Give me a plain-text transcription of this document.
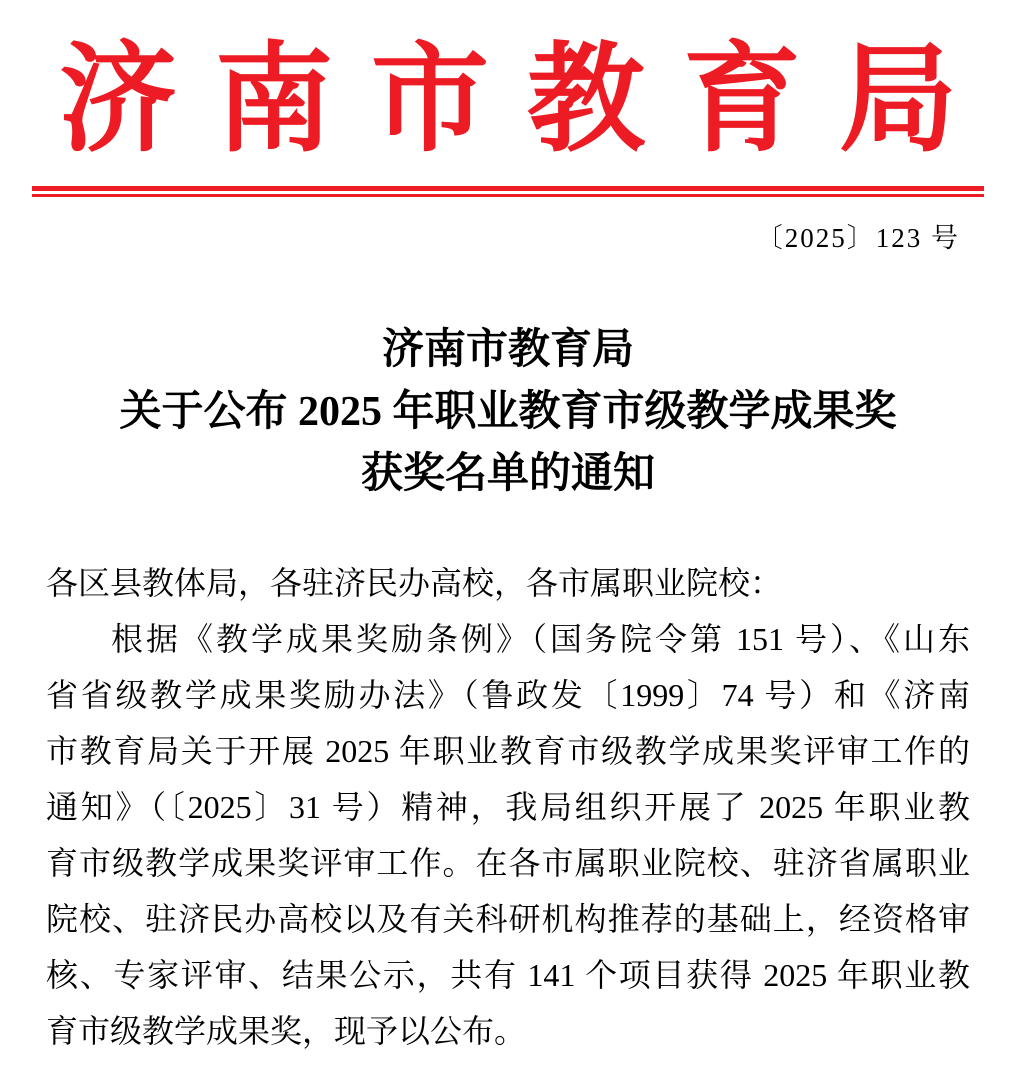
济南市教育局
〔2025〕123 号
济南市教育局
关于公布 2025 年职业教育市级教学成果奖
获奖名单的通知
各区县教体局，各驻济民办高校，各市属职业院校：
根据《教学成果奖励条例》（国务院令第 151 号）、《山东
省省级教学成果奖励办法》（鲁政发〔1999〕74 号）和《济南
市教育局关于开展 2025 年职业教育市级教学成果奖评审工作的
通知》（〔2025〕31 号）精神，我局组织开展了 2025 年职业教
育市级教学成果奖评审工作。在各市属职业院校、驻济省属职业
院校、驻济民办高校以及有关科研机构推荐的基础上，经资格审
核、专家评审、结果公示，共有 141 个项目获得 2025 年职业教
育市级教学成果奖，现予以公布。
